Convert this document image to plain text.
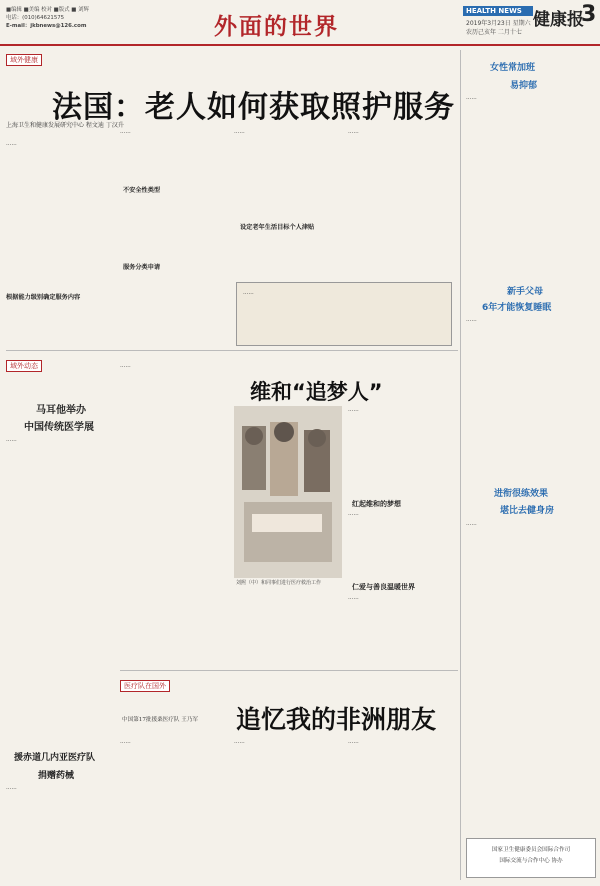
■编辑 ■美编 校对 ■版式 ■ 刘辉
电话：(010)64621575
E-mail：jkbnews@126.com	外面的世界
HEALTH NEWS 健康报
3
2019年3月23日 星期六
农历己亥年 二月十七
域外健康
法国：老人如何获取照护服务
上海卫生和健康发展研究中心 程文迪 丁汉升
……
根据能力级别确定服务内容
……
不安全性类型
服务分类申请
……	……
设定老年生活目标个人津贴
……
域外动态
马耳他举办
中国传统医学展
……
援赤道几内亚医疗队
捐赠药械
……
……
维和“追梦人”
刘熙（中）和同事们进行医疗救治工作
……
红起维和的梦想
……
仁爱与善良温暖世界
……
医疗队在国外
追忆我的非洲朋友
中国第17批援桑医疗队 王乃军
……	……	……
女性常加班
易抑郁
……
新手父母
6年才能恢复睡眠
……
进衔很练效果
堪比去健身房
……
国家卫生健康委员会国际合作司
国际交流与合作中心 协办
